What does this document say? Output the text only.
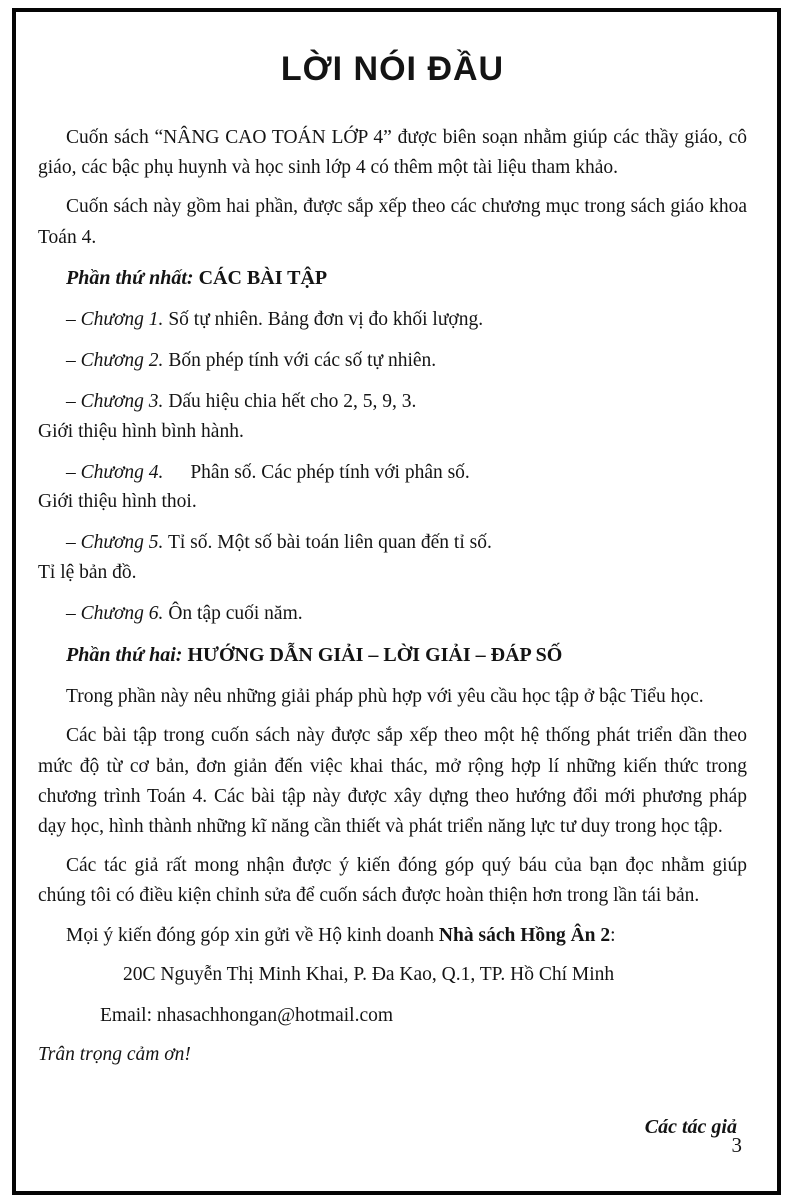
LỜI NÓI ĐẦU

Cuốn sách “NÂNG CAO TOÁN LỚP 4” được biên soạn nhằm giúp các thầy giáo, cô giáo, các bậc phụ huynh và học sinh lớp 4 có thêm một tài liệu tham khảo.

Cuốn sách này gồm hai phần, được sắp xếp theo các chương mục trong sách giáo khoa Toán 4.

Phần thứ nhất: CÁC BÀI TẬP

– Chương 1. Số tự nhiên. Bảng đơn vị đo khối lượng.

– Chương 2. Bốn phép tính với các số tự nhiên.

– Chương 3. Dấu hiệu chia hết cho 2, 5, 9, 3.
Giới thiệu hình bình hành.

– Chương 4. Phân số. Các phép tính với phân số.
Giới thiệu hình thoi.

– Chương 5. Tỉ số. Một số bài toán liên quan đến tỉ số.
Tỉ lệ bản đồ.

– Chương 6. Ôn tập cuối năm.

Phần thứ hai: HƯỚNG DẪN GIẢI – LỜI GIẢI – ĐÁP SỐ

Trong phần này nêu những giải pháp phù hợp với yêu cầu học tập ở bậc Tiểu học.

Các bài tập trong cuốn sách này được sắp xếp theo một hệ thống phát triển dần theo mức độ từ cơ bản, đơn giản đến việc khai thác, mở rộng hợp lí những kiến thức trong chương trình Toán 4. Các bài tập này được xây dựng theo hướng đổi mới phương pháp dạy học, hình thành những kĩ năng cần thiết và phát triển năng lực tư duy trong học tập.

Các tác giả rất mong nhận được ý kiến đóng góp quý báu của bạn đọc nhằm giúp chúng tôi có điều kiện chỉnh sửa để cuốn sách được hoàn thiện hơn trong lần tái bản.

Mọi ý kiến đóng góp xin gửi về Hộ kinh doanh Nhà sách Hồng Ân 2:

20C Nguyễn Thị Minh Khai, P. Đa Kao, Q.1, TP. Hồ Chí Minh

Email: nhasachhongan@hotmail.com

Trân trọng cảm ơn!

Các tác giả

3
